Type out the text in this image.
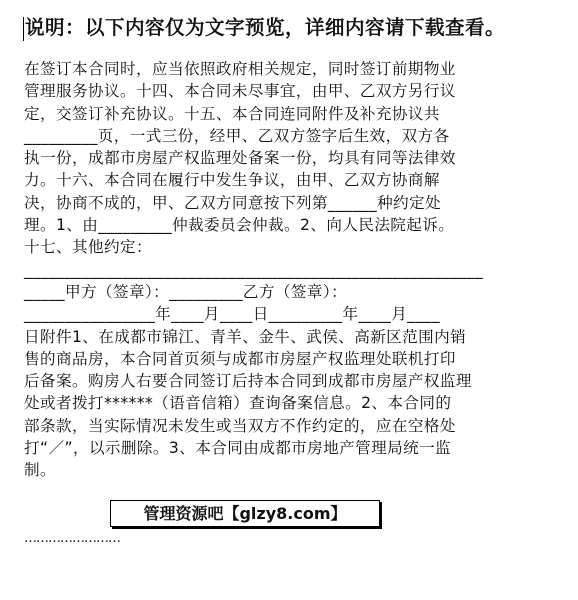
说明：以下内容仅为文字预览，详细内容请下载查看。
在签订本合同时，应当依照政府相关规定，同时签订前期物业
管理服务协议。十四、本合同未尽事宜，由甲、乙双方另行议
定，交签订补充协议。十五、本合同连同附件及补充协议共
_________页，一式三份，经甲、乙双方签字后生效，双方各
执一份，成都市房屋产权监理处备案一份，均具有同等法律效
力。十六、本合同在履行中发生争议，由甲、乙双方协商解
决，协商不成的，甲、乙双方同意按下列第______种约定处
理。1、由_________仲裁委员会仲裁。2、向人民法院起诉。
十七、其他约定：
________________________________________________________
_____甲方（签章）：_________乙方（签章）：
________________年____月____日_________年____月____
日附件1、在成都市锦江、青羊、金牛、武侯、高新区范围内销
售的商品房，本合同首页须与成都市房屋产权监理处联机打印
后备案。购房人右要合同签订后持本合同到成都市房屋产权监理
处或者拨打******（语音信箱）查询备案信息。2、本合同的
部条款，当实际情况未发生或当双方不作约定的，应在空格处
打“／”，以示删除。3、本合同由成都市房地产管理局统一监
制。
管理资源吧【glzy8.com】
……………………
